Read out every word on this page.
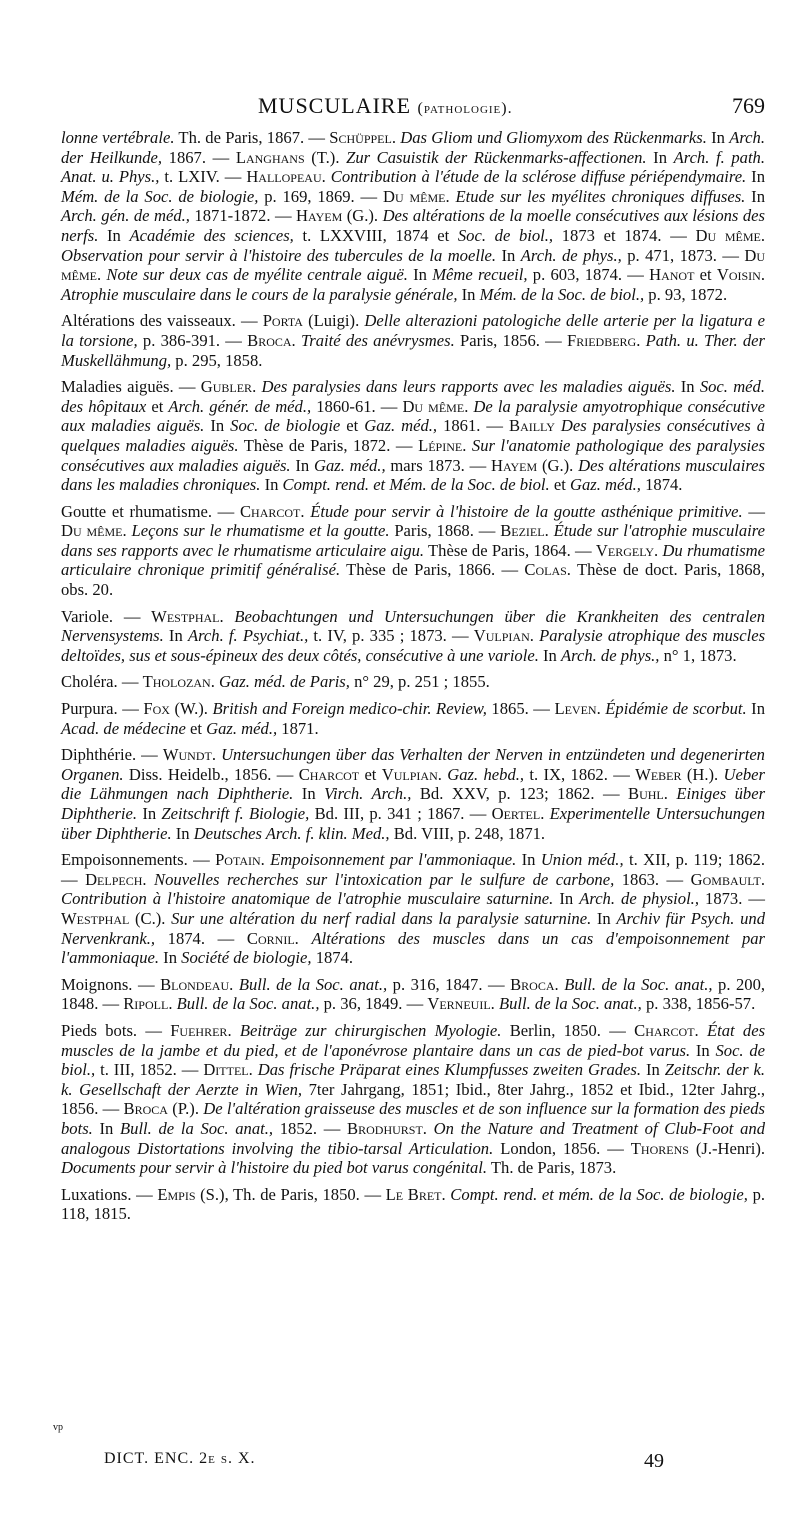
MUSCULAIRE (pathologie).	769

lonne vertébrale. Th. de Paris, 1867. — Schüppel. Das Gliom und Gliomyxom des Rückenmarks. In Arch. der Heilkunde, 1867. — Langhans (T.). Zur Casuistik der Rückenmarks-affectionen. In Arch. f. path. Anat. u. Phys., t. LXIV. — Hallopeau. Contribution à l'étude de la sclérose diffuse périépendymaire. In Mém. de la Soc. de biologie, p. 169, 1869. — Du même. Etude sur les myélites chroniques diffuses. In Arch. gén. de méd., 1871-1872. — Hayem (G.). Des altérations de la moelle consécutives aux lésions des nerfs. In Académie des sciences, t. LXXVIII, 1874 et Soc. de biol., 1873 et 1874. — Du même. Observation pour servir à l'histoire des tubercules de la moelle. In Arch. de phys., p. 471, 1873. — Du même. Note sur deux cas de myélite centrale aiguë. In Même recueil, p. 603, 1874. — Hanot et Voisin. Atrophie musculaire dans le cours de la paralysie générale, In Mém. de la Soc. de biol., p. 93, 1872.

Altérations des vaisseaux. — Porta (Luigi). Delle alterazioni patologiche delle arterie per la ligatura e la torsione, p. 386-391. — Broca. Traité des anévrysmes. Paris, 1856. — Friedberg. Path. u. Ther. der Muskellähmung, p. 295, 1858.

Maladies aiguës. — Gubler. Des paralysies dans leurs rapports avec les maladies aiguës. In Soc. méd. des hôpitaux et Arch. génér. de méd., 1860-61. — Du même. De la paralysie amyotrophique consécutive aux maladies aiguës. In Soc. de biologie et Gaz. méd., 1861. — Bailly Des paralysies consécutives à quelques maladies aiguës. Thèse de Paris, 1872. — Lépine. Sur l'anatomie pathologique des paralysies consécutives aux maladies aiguës. In Gaz. méd., mars 1873. — Hayem (G.). Des altérations musculaires dans les maladies chroniques. In Compt. rend. et Mém. de la Soc. de biol. et Gaz. méd., 1874.

Goutte et rhumatisme. — Charcot. Étude pour servir à l'histoire de la goutte asthénique primitive. — Du même. Leçons sur le rhumatisme et la goutte. Paris, 1868. — Beziel. Étude sur l'atrophie musculaire dans ses rapports avec le rhumatisme articulaire aigu. Thèse de Paris, 1864. — Vergely. Du rhumatisme articulaire chronique primitif généralisé. Thèse de Paris, 1866. — Colas. Thèse de doct. Paris, 1868, obs. 20.

Variole. — Westphal. Beobachtungen und Untersuchungen über die Krankheiten des centralen Nervensystems. In Arch. f. Psychiat., t. IV, p. 335 ; 1873. — Vulpian. Paralysie atrophique des muscles deltoïdes, sus et sous-épineux des deux côtés, consécutive à une variole. In Arch. de phys., n° 1, 1873.

Choléra. — Tholozan. Gaz. méd. de Paris, n° 29, p. 251 ; 1855.

Purpura. — Fox (W.). British and Foreign medico-chir. Review, 1865. — Leven. Épidémie de scorbut. In Acad. de médecine et Gaz. méd., 1871.

Diphthérie. — Wundt. Untersuchungen über das Verhalten der Nerven in entzündeten und degenerirten Organen. Diss. Heidelb., 1856. — Charcot et Vulpian. Gaz. hebd., t. IX, 1862. — Weber (H.). Ueber die Lähmungen nach Diphtherie. In Virch. Arch., Bd. XXV, p. 123; 1862. — Buhl. Einiges über Diphtherie. In Zeitschrift f. Biologie, Bd. III, p. 341 ; 1867. — Oertel. Experimentelle Untersuchungen über Diphtherie. In Deutsches Arch. f. klin. Med., Bd. VIII, p. 248, 1871.

Empoisonnements. — Potain. Empoisonnement par l'ammoniaque. In Union méd., t. XII, p. 119; 1862. — Delpech. Nouvelles recherches sur l'intoxication par le sulfure de carbone, 1863. — Gombault. Contribution à l'histoire anatomique de l'atrophie musculaire saturnine. In Arch. de physiol., 1873. — Westphal (C.). Sur une altération du nerf radial dans la paralysie saturnine. In Archiv für Psych. und Nervenkrank., 1874. — Cornil. Altérations des muscles dans un cas d'empoisonnement par l'ammoniaque. In Société de biologie, 1874.

Moignons. — Blondeau. Bull. de la Soc. anat., p. 316, 1847. — Broca. Bull. de la Soc. anat., p. 200, 1848. — Ripoll. Bull. de la Soc. anat., p. 36, 1849. — Verneuil. Bull. de la Soc. anat., p. 338, 1856-57.

Pieds bots. — Fuehrer. Beiträge zur chirurgischen Myologie. Berlin, 1850. — Charcot. État des muscles de la jambe et du pied, et de l'aponévrose plantaire dans un cas de pied-bot varus. In Soc. de biol., t. III, 1852. — Dittel. Das frische Präparat eines Klumpfusses zweiten Grades. In Zeitschr. der k. k. Gesellschaft der Aerzte in Wien, 7ter Jahrgang, 1851; Ibid., 8ter Jahrg., 1852 et Ibid., 12ter Jahrg., 1856. — Broca (P.). De l'altération graisseuse des muscles et de son influence sur la formation des pieds bots. In Bull. de la Soc. anat., 1852. — Brodhurst. On the Nature and Treatment of Club-Foot and analogous Distortations involving the tibio-tarsal Articulation. London, 1856. — Thorens (J.-Henri). Documents pour servir à l'histoire du pied bot varus congénital. Th. de Paris, 1873.

Luxations. — Empis (S.), Th. de Paris, 1850. — Le Bret. Compt. rend. et mém. de la Soc. de biologie, p. 118, 1815.

vp
DICT. ENC. 2e s. X.	49
